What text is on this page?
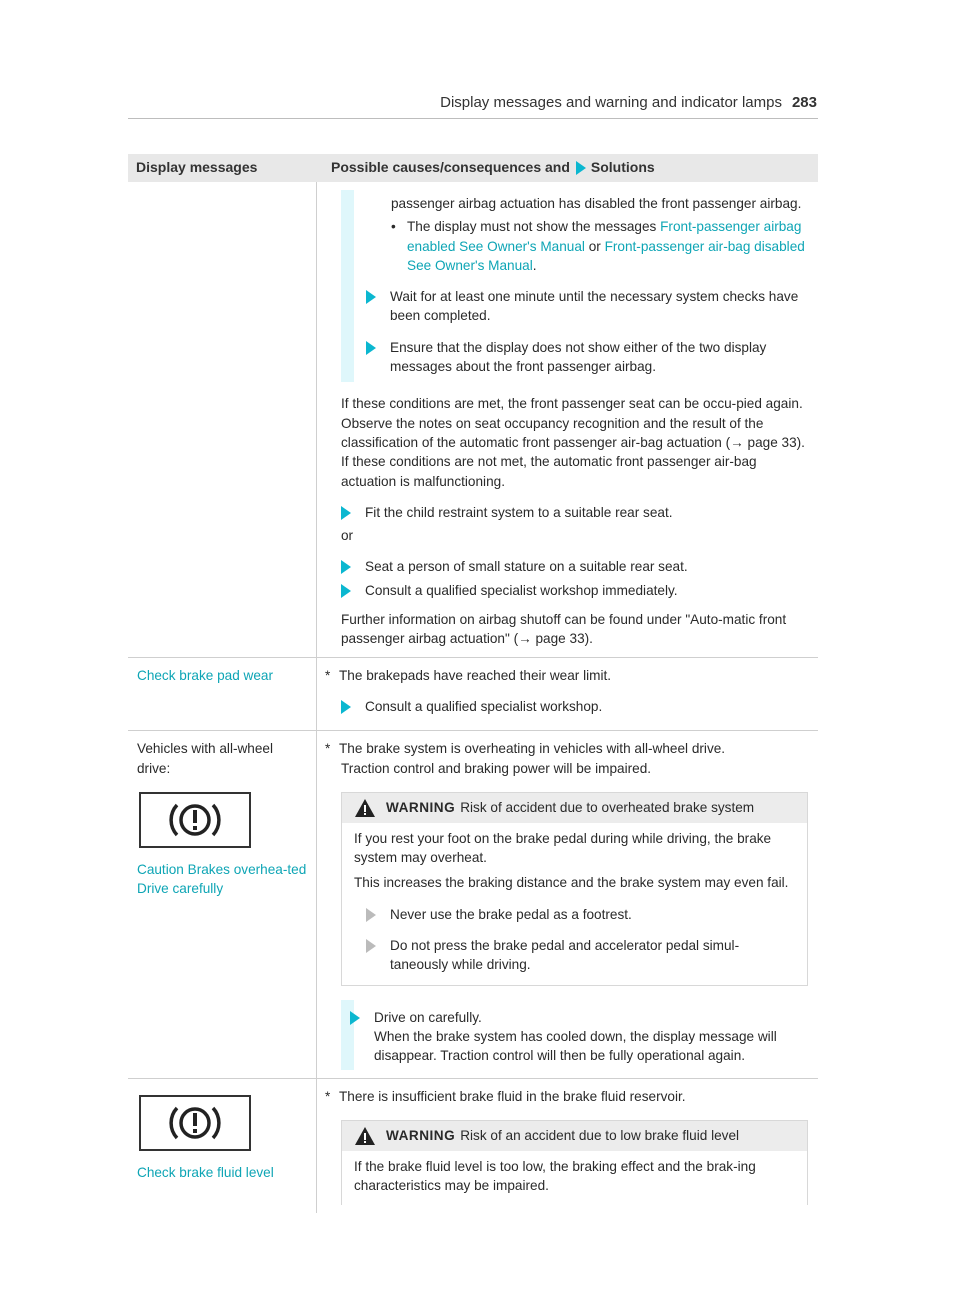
Display messages and warning and indicator lamps 283
Display messages	Possible causes/consequences and Solutions

passenger airbag actuation has disabled the front passenger airbag.

• The display must not show the messages Front-passenger airbag enabled See Owner's Manual or Front-passenger air-bag disabled See Owner's Manual.
Wait for at least one minute until the necessary system checks have been completed.
Ensure that the display does not show either of the two display messages about the front passenger airbag.

If these conditions are met, the front passenger seat can be occu-pied again. Observe the notes on seat occupancy recognition and the result of the classification of the automatic front passenger air-bag actuation (→ page 33).

If these conditions are not met, the automatic front passenger air-bag actuation is malfunctioning.

Fit the child restraint system to a suitable rear seat.

or

Seat a person of small stature on a suitable rear seat.
Consult a qualified specialist workshop immediately.

Further information on airbag shutoff can be found under "Auto-matic front passenger airbag actuation" (→ page 33).

Check brake pad wear	* The brakepads have reached their wear limit.
Consult a qualified specialist workshop.

Vehicles with all-wheel drive:

Caution Brakes overhea-ted Drive carefully
* The brake system is overheating in vehicles with all-wheel drive.

Traction control and braking power will be impaired.

WARNING Risk of accident due to overheated brake system

If you rest your foot on the brake pedal during while driving, the brake system may overheat.

This increases the braking distance and the brake system may even fail.

Never use the brake pedal as a footrest.
Do not press the brake pedal and accelerator pedal simul-taneously while driving.

Drive on carefully.

When the brake system has cooled down, the display message will disappear. Traction control will then be fully operational again.

Check brake fluid level
* There is insufficient brake fluid in the brake fluid reservoir.
WARNING Risk of an accident due to low brake fluid level

If the brake fluid level is too low, the braking effect and the brak-ing characteristics may be impaired.
